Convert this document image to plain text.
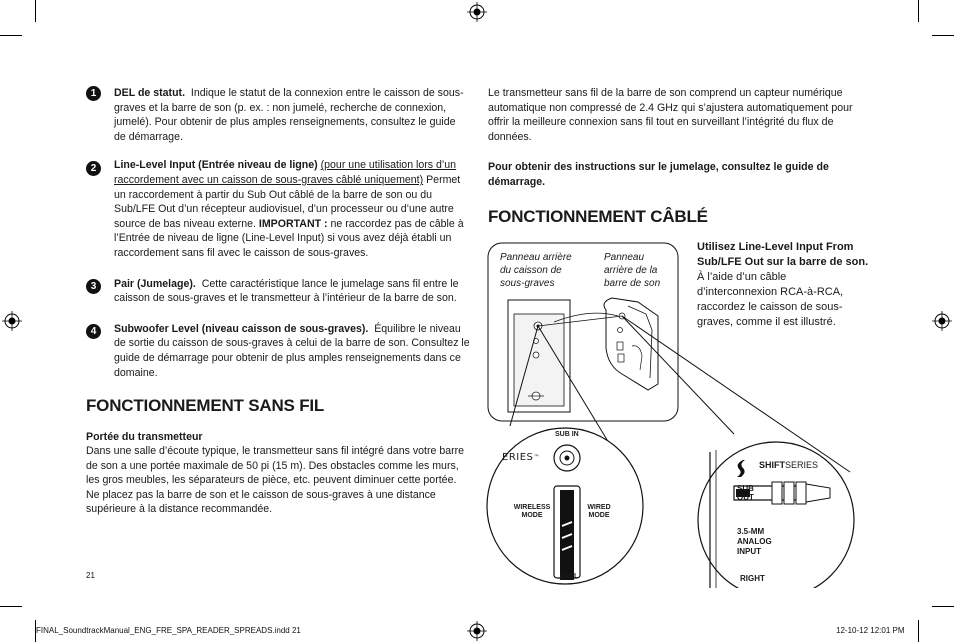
1	DEL de statut. Indique le statut de la connexion entre le caisson de sous-graves et la barre de son (p. ex. : non jumelé, recherche de connexion, jumelé). Pour obtenir de plus amples renseignements, consultez le guide de démarrage.
2	Line-Level Input (Entrée niveau de ligne) (pour une utilisation lors d’un raccordement avec un caisson de sous-graves câblé uniquement) Permet un raccordement à partir du Sub Out câblé de la barre de son ou du Sub/LFE Out d’un récepteur audiovisuel, d’un processeur ou d’une autre source de bas niveau externe. IMPORTANT : ne raccordez pas de câble à l’Entrée de niveau de ligne (Line-Level Input) si vous avez déjà établi un raccordement sans fil avec le caisson de sous-graves.
3	Pair (Jumelage). Cette caractéristique lance le jumelage sans fil entre le caisson de sous-graves et le transmetteur à l’intérieur de la barre de son.
4	Subwoofer Level (niveau caisson de sous-graves). Équilibre le niveau de sortie du caisson de sous-graves à celui de la barre de son. Consultez le guide de démarrage pour obtenir de plus amples renseignements dans ce domaine.
FONCTIONNEMENT SANS FIL
Portée du transmetteur
Dans une salle d’écoute typique, le transmetteur sans fil intégré dans votre barre de son a une portée maximale de 50 pi (15 m). Des obstacles comme les murs, les gros meubles, les séparateurs de pièce, etc. peuvent diminuer cette portée. Ne placez pas la barre de son et le caisson de sous-graves à une distance supérieure à la distance recommandée.
Le transmetteur sans fil de la barre de son comprend un capteur numérique automatique non compressé de 2.4 GHz qui s’ajustera automatiquement pour offrir la meilleure connexion sans fil tout en surveillant l’intégrité du flux de données.
Pour obtenir des instructions sur le jumelage, consultez le guide de démarrage.
FONCTIONNEMENT CÂBLÉ
Utilisez Line-Level Input From Sub/LFE Out sur la barre de son. À l’aide d’un câble d’interconnexion RCA-à-RCA, raccordez le caisson de sous-graves, comme il est illustré.
Panneau arrière du caisson de sous-graves
Panneau arrière de la barre de son
SUB IN
ERIES™
WIRELESS MODE
WIRED MODE
EVEL
SHIFTSERIES
SUB
OUT
3.5-MM ANALOG INPUT
RIGHT
21
FINAL_SoundtrackManual_ENG_FRE_SPA_READER_SPREADS.indd 21	12-10-12 12:01 PM
